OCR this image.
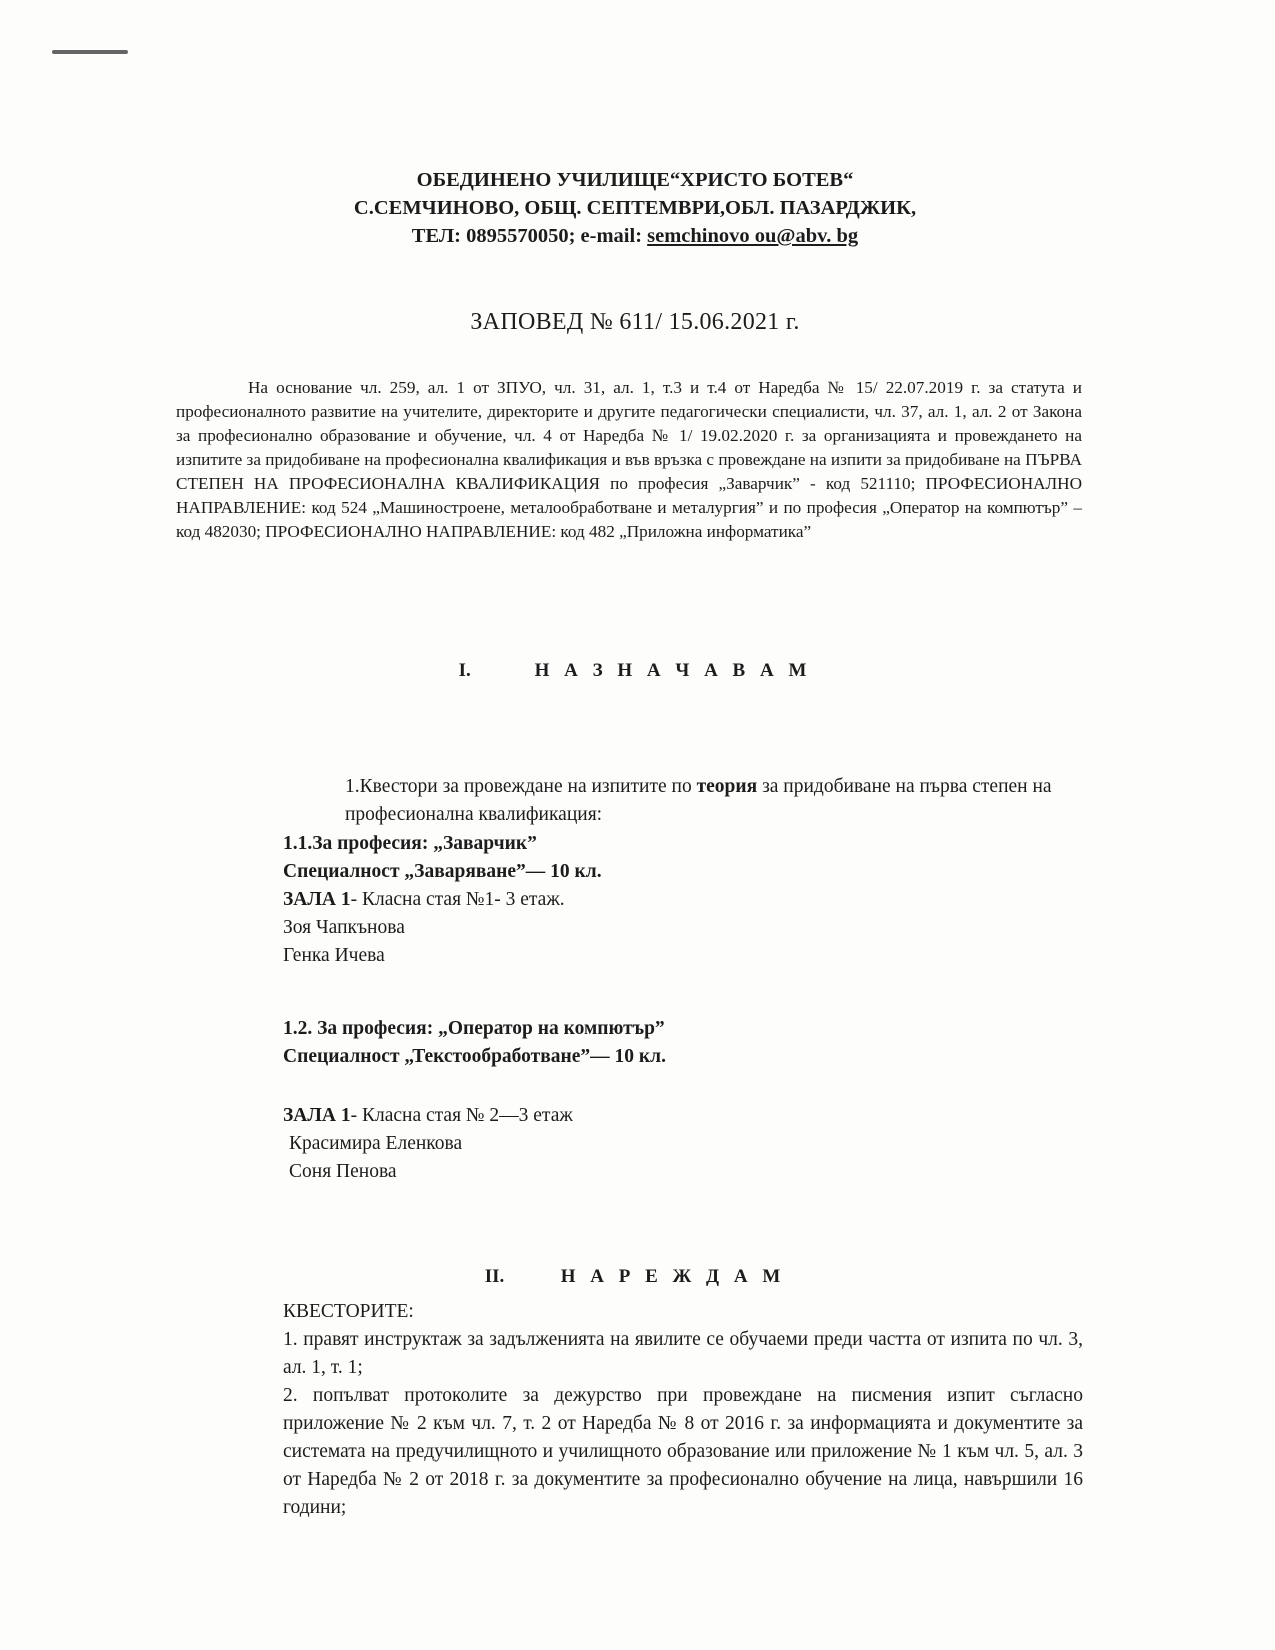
ОБЕДИНЕНО УЧИЛИЩЕ“ХРИСТО БОТЕВ“
С.СЕМЧИНОВО, ОБЩ. СЕПТЕМВРИ,ОБЛ. ПАЗАРДЖИК,
ТЕЛ: 0895570050; e-mail: semchinovo ou@abv. bg
ЗАПОВЕД № 611/ 15.06.2021 г.

На основание чл. 259, ал. 1 от ЗПУО, чл. 31, ал. 1, т.3 и т.4 от Наредба № 15/ 22.07.2019 г. за статута и професионалното развитие на учителите, директорите и другите педагогически специалисти, чл. 37, ал. 1, ал. 2 от Закона за професионално образование и обучение, чл. 4 от Наредба № 1/ 19.02.2020 г. за организацията и провеждането на изпитите за придобиване на професионална квалификация и във връзка с провеждане на изпити за придобиване на ПЪРВА СТЕПЕН НА ПРОФЕСИОНАЛНА КВАЛИФИКАЦИЯ по професия „Заварчик” - код 521110; ПРОФЕСИОНАЛНО НАПРАВЛЕНИЕ: код 524 „Машиностроене, металообработване и металургия” и по професия „Оператор на компютър” – код 482030; ПРОФЕСИОНАЛНО НАПРАВЛЕНИЕ: код 482 „Приложна информатика”

I.	Н А З Н А Ч А В А М
1.Квестори за провеждане на изпитите по теория за придобиване на първа степен на професионална квалификация:
1.1.За професия: „Заварчик”
Специалност „Заваряване”— 10 кл.
ЗАЛА 1- Класна стая №1- 3 етаж.
Зоя Чапкънова
Генка Ичева
1.2. За професия: „Оператор на компютър”
Специалност „Текстообработване”— 10 кл.
ЗАЛА 1- Класна стая № 2—3 етаж
Красимира Еленкова
Соня Пенова
II.	Н А Р Е Ж Д А М

КВЕСТОРИТЕ:

1. правят инструктаж за задълженията на явилите се обучаеми преди частта от изпита по чл. 3, ал. 1, т. 1;

2. попълват протоколите за дежурство при провеждане на писмения изпит съгласно приложение № 2 към чл. 7, т. 2 от Наредба № 8 от 2016 г. за информацията и документите за системата на предучилищното и училищното образование или приложение № 1 към чл. 5, ал. 3 от Наредба № 2 от 2018 г. за документите за професионално обучение на лица, навършили 16 години;
